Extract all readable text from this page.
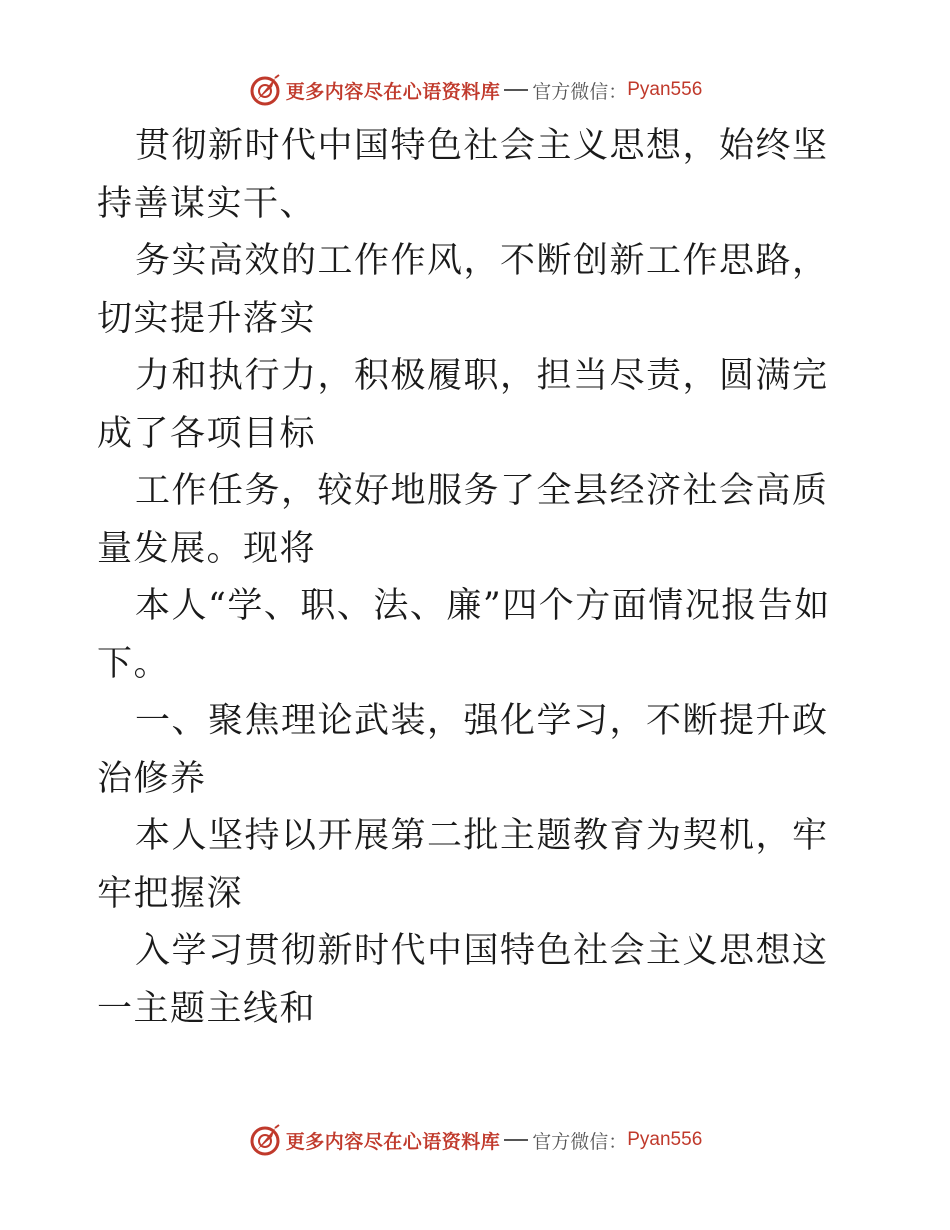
更多内容尽在心语资料库 官方微信： Pyan556

贯彻新时代中国特色社会主义思想，始终坚持善谋实干、

务实高效的工作作风，不断创新工作思路，切实提升落实

力和执行力，积极履职，担当尽责，圆满完成了各项目标

工作任务，较好地服务了全县经济社会高质量发展。现将

本人“学、职、法、廉”四个方面情况报告如下。

一、聚焦理论武装，强化学习，不断提升政治修养

本人坚持以开展第二批主题教育为契机，牢牢把握深

入学习贯彻新时代中国特色社会主义思想这一主题主线和

更多内容尽在心语资料库 官方微信： Pyan556
